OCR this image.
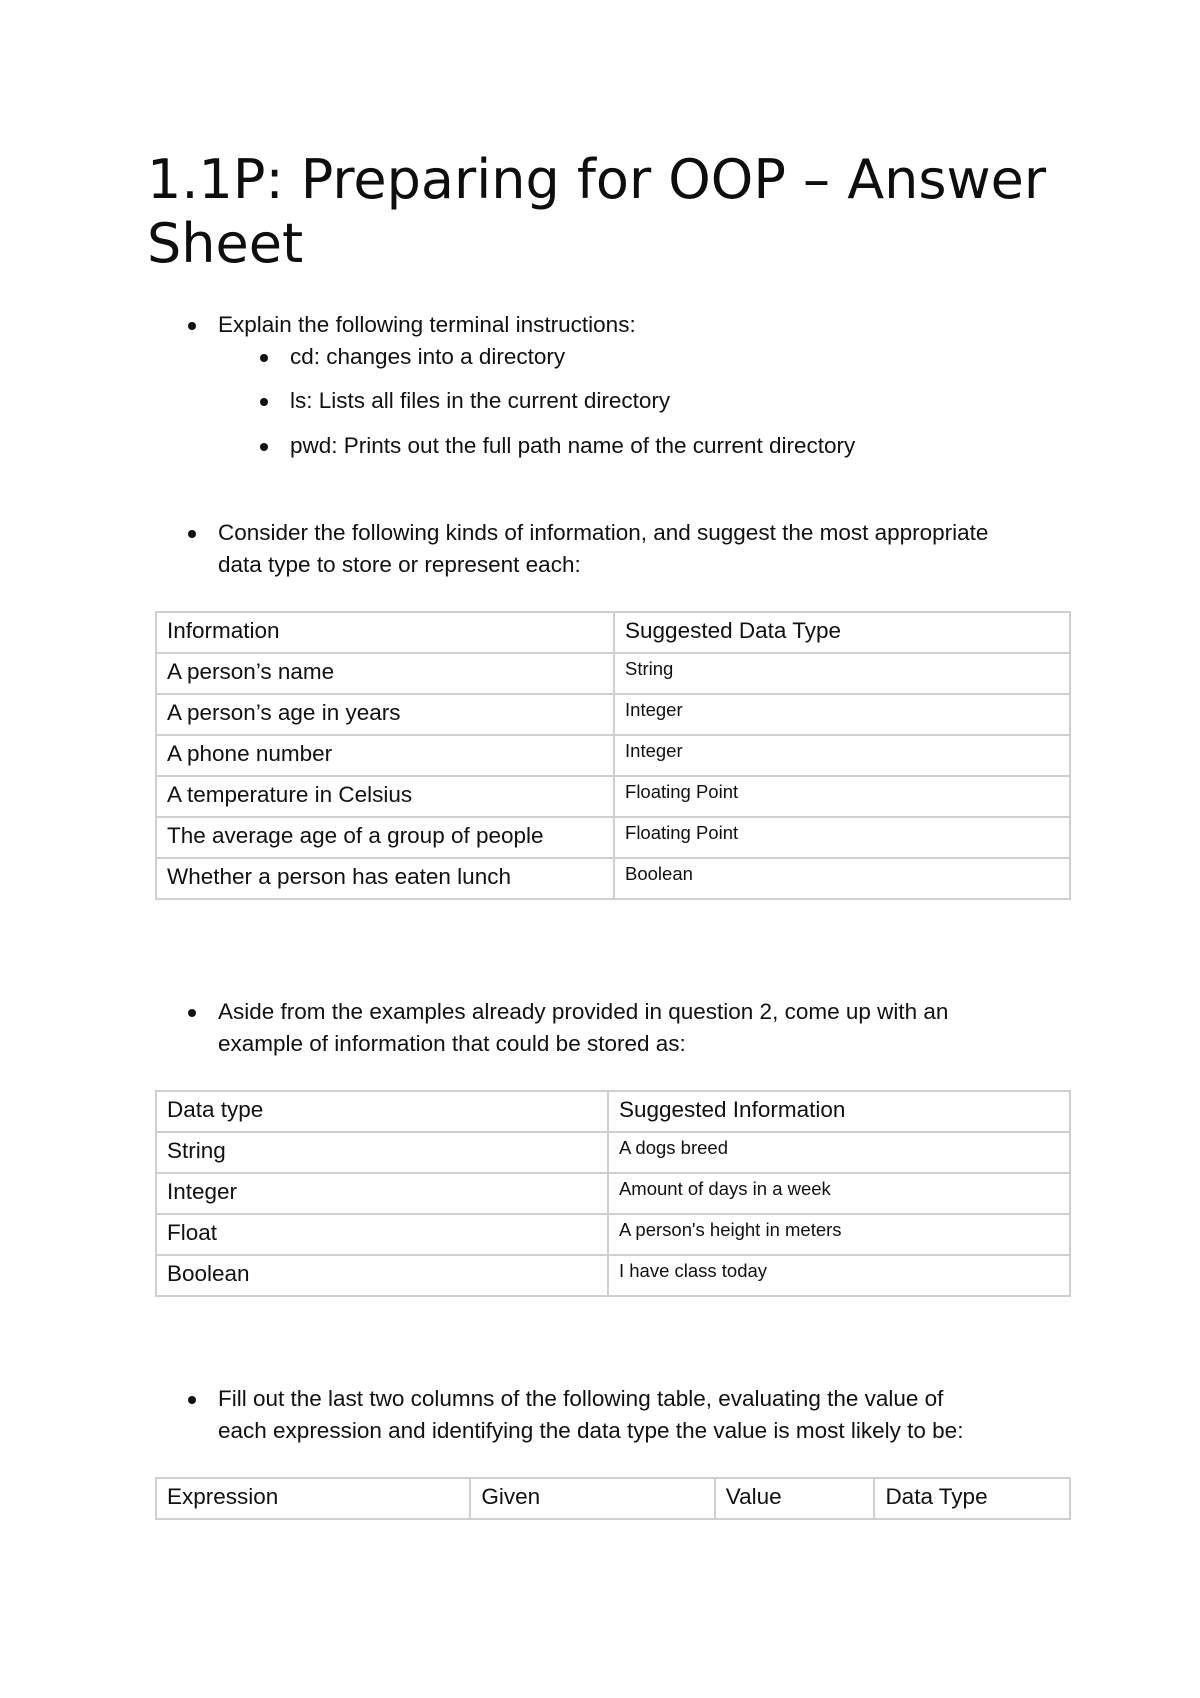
1.1P: Preparing for OOP – Answer Sheet
Explain the following terminal instructions:
cd: changes into a directory
ls: Lists all files in the current directory
pwd: Prints out the full path name of the current directory
Consider the following kinds of information, and suggest the most appropriate
data type to store or represent each:
Information	Suggested Data Type
A person’s name	String
A person’s age in years	Integer
A phone number	Integer
A temperature in Celsius	Floating Point
The average age of a group of people	Floating Point
Whether a person has eaten lunch	Boolean
Aside from the examples already provided in question 2, come up with an
example of information that could be stored as:
Data type	Suggested Information
String	A dogs breed
Integer	Amount of days in a week
Float	A person's height in meters
Boolean	I have class today
Fill out the last two columns of the following table, evaluating the value of
each expression and identifying the data type the value is most likely to be:
Expression	Given	Value	Data Type
